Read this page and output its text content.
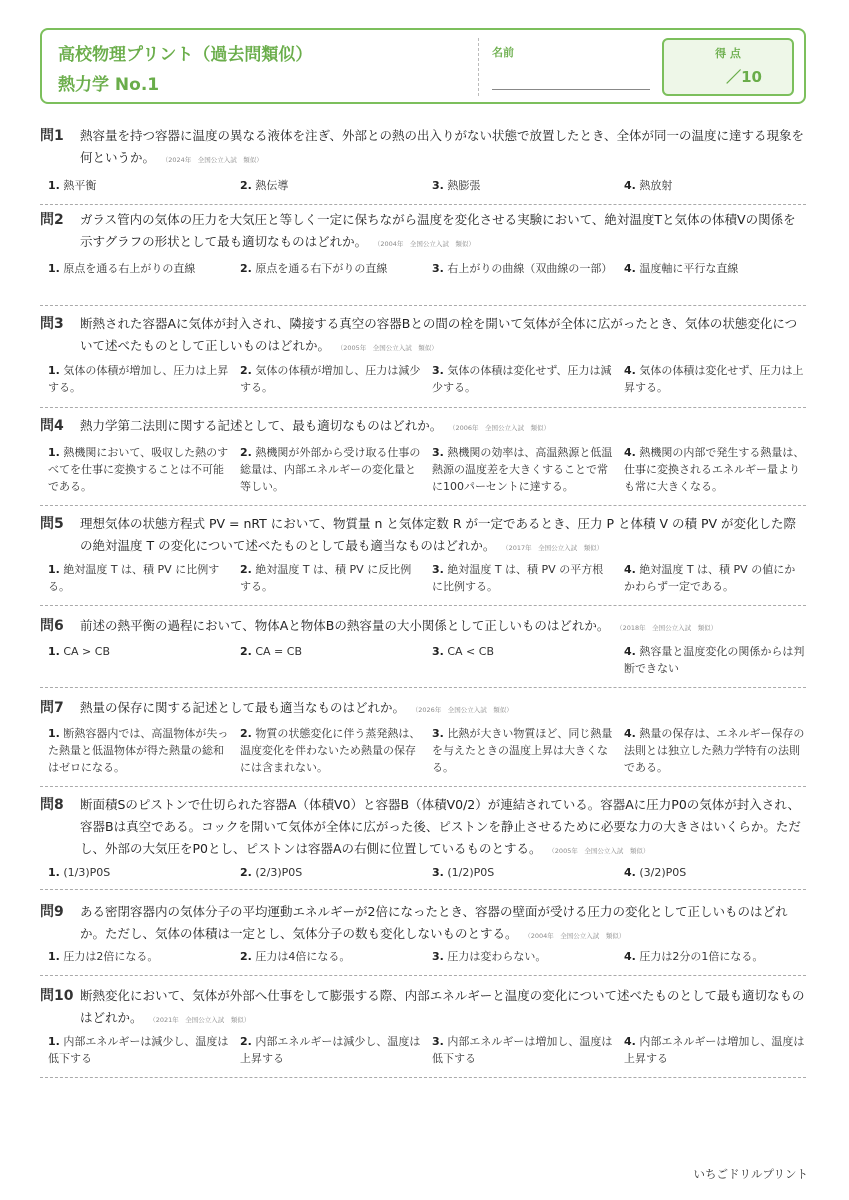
高校物理プリント（過去問類似）
熱力学 No.1
名前	得 点
／10
問1 熱容量を持つ容器に温度の異なる液体を注ぎ、外部との熱の出入りがない状態で放置したとき、全体が同一の温度に達する現象を何というか。 （2024年　全国公立入試　類似）
1. 熱平衡	2. 熱伝導	3. 熱膨張	4. 熱放射
問2 ガラス管内の気体の圧力を大気圧と等しく一定に保ちながら温度を変化させる実験において、絶対温度Tと気体の体積Vの関係を示すグラフの形状として最も適切なものはどれか。 （2004年　全国公立入試　類似）
1. 原点を通る右上がりの直線	2. 原点を通る右下がりの直線	3. 右上がりの曲線（双曲線の一部） 4. 温度軸に平行な直線
問3 断熱された容器Aに気体が封入され、隣接する真空の容器Bとの間の栓を開いて気体が全体に広がったとき、気体の状態変化について述べたものとして正しいものはどれか。 （2005年　全国公立入試　類似）
1. 気体の体積が増加し、圧力は上昇する。
2. 気体の体積が増加し、圧力は減少する。
3. 気体の体積は変化せず、圧力は減少する。
4. 気体の体積は変化せず、圧力は上昇する。
問4 熱力学第二法則に関する記述として、最も適切なものはどれか。 （2006年　全国公立入試　類似）
1. 熱機関において、吸収した熱のすべてを仕事に変換することは不可能である。
2. 熱機関が外部から受け取る仕事の総量は、内部エネルギーの変化量と等しい。
3. 熱機関の効率は、高温熱源と低温熱源の温度差を大きくすることで常に100パーセントに達する。
4. 熱機関の内部で発生する熱量は、仕事に変換されるエネルギー量よりも常に大きくなる。
問5 理想気体の状態方程式 PV = nRT において、物質量 n と気体定数 R が一定であるとき、圧力 P と体積 V の積 PV が変化した際の絶対温度 T の変化について述べたものとして最も適当なものはどれか。 （2017年　全国公立入試　類似）
1. 絶対温度 T は、積 PV に比例する。
2. 絶対温度 T は、積 PV に反比例する。
3. 絶対温度 T は、積 PV の平方根に比例する。
4. 絶対温度 T は、積 PV の値にかかわらず一定である。
問6 前述の熱平衡の過程において、物体Aと物体Bの熱容量の大小関係として正しいものはどれか。 （2018年　全国公立入試　類似）
1. CA > CB	2. CA = CB	3. CA < CB	4. 熱容量と温度変化の関係からは判断できない
問7 熱量の保存に関する記述として最も適当なものはどれか。 （2026年　全国公立入試　類似）
1. 断熱容器内では、高温物体が失った熱量と低温物体が得た熱量の総和はゼロになる。
2. 物質の状態変化に伴う蒸発熱は、温度変化を伴わないため熱量の保存には含まれない。
3. 比熱が大きい物質ほど、同じ熱量を与えたときの温度上昇は大きくなる。
4. 熱量の保存は、エネルギー保存の法則とは独立した熱力学特有の法則である。
問8 断面積Sのピストンで仕切られた容器A（体積V0）と容器B（体積V0/2）が連結されている。容器Aに圧力P0の気体が封入され、容器Bは真空である。コックを開いて気体が全体に広がった後、ピストンを静止させるために必要な力の大きさはいくらか。ただし、外部の大気圧をP0とし、ピストンは容器Aの右側に位置しているものとする。 （2005年　全国公立入試　類似）
1. (1/3)P0S	2. (2/3)P0S	3. (1/2)P0S	4. (3/2)P0S
問9 ある密閉容器内の気体分子の平均運動エネルギーが2倍になったとき、容器の壁面が受ける圧力の変化として正しいものはどれか。ただし、気体の体積は一定とし、気体分子の数も変化しないものとする。 （2004年　全国公立入試　類似）
1. 圧力は2倍になる。	2. 圧力は4倍になる。	3. 圧力は変わらない。	4. 圧力は2分の1倍になる。
問10 断熱変化において、気体が外部へ仕事をして膨張する際、内部エネルギーと温度の変化について述べたものとして最も適切なものはどれか。 （2021年　全国公立入試　類似）
1. 内部エネルギーは減少し、温度は低下する
2. 内部エネルギーは減少し、温度は上昇する
3. 内部エネルギーは増加し、温度は低下する
4. 内部エネルギーは増加し、温度は上昇する
いちごドリルプリント
